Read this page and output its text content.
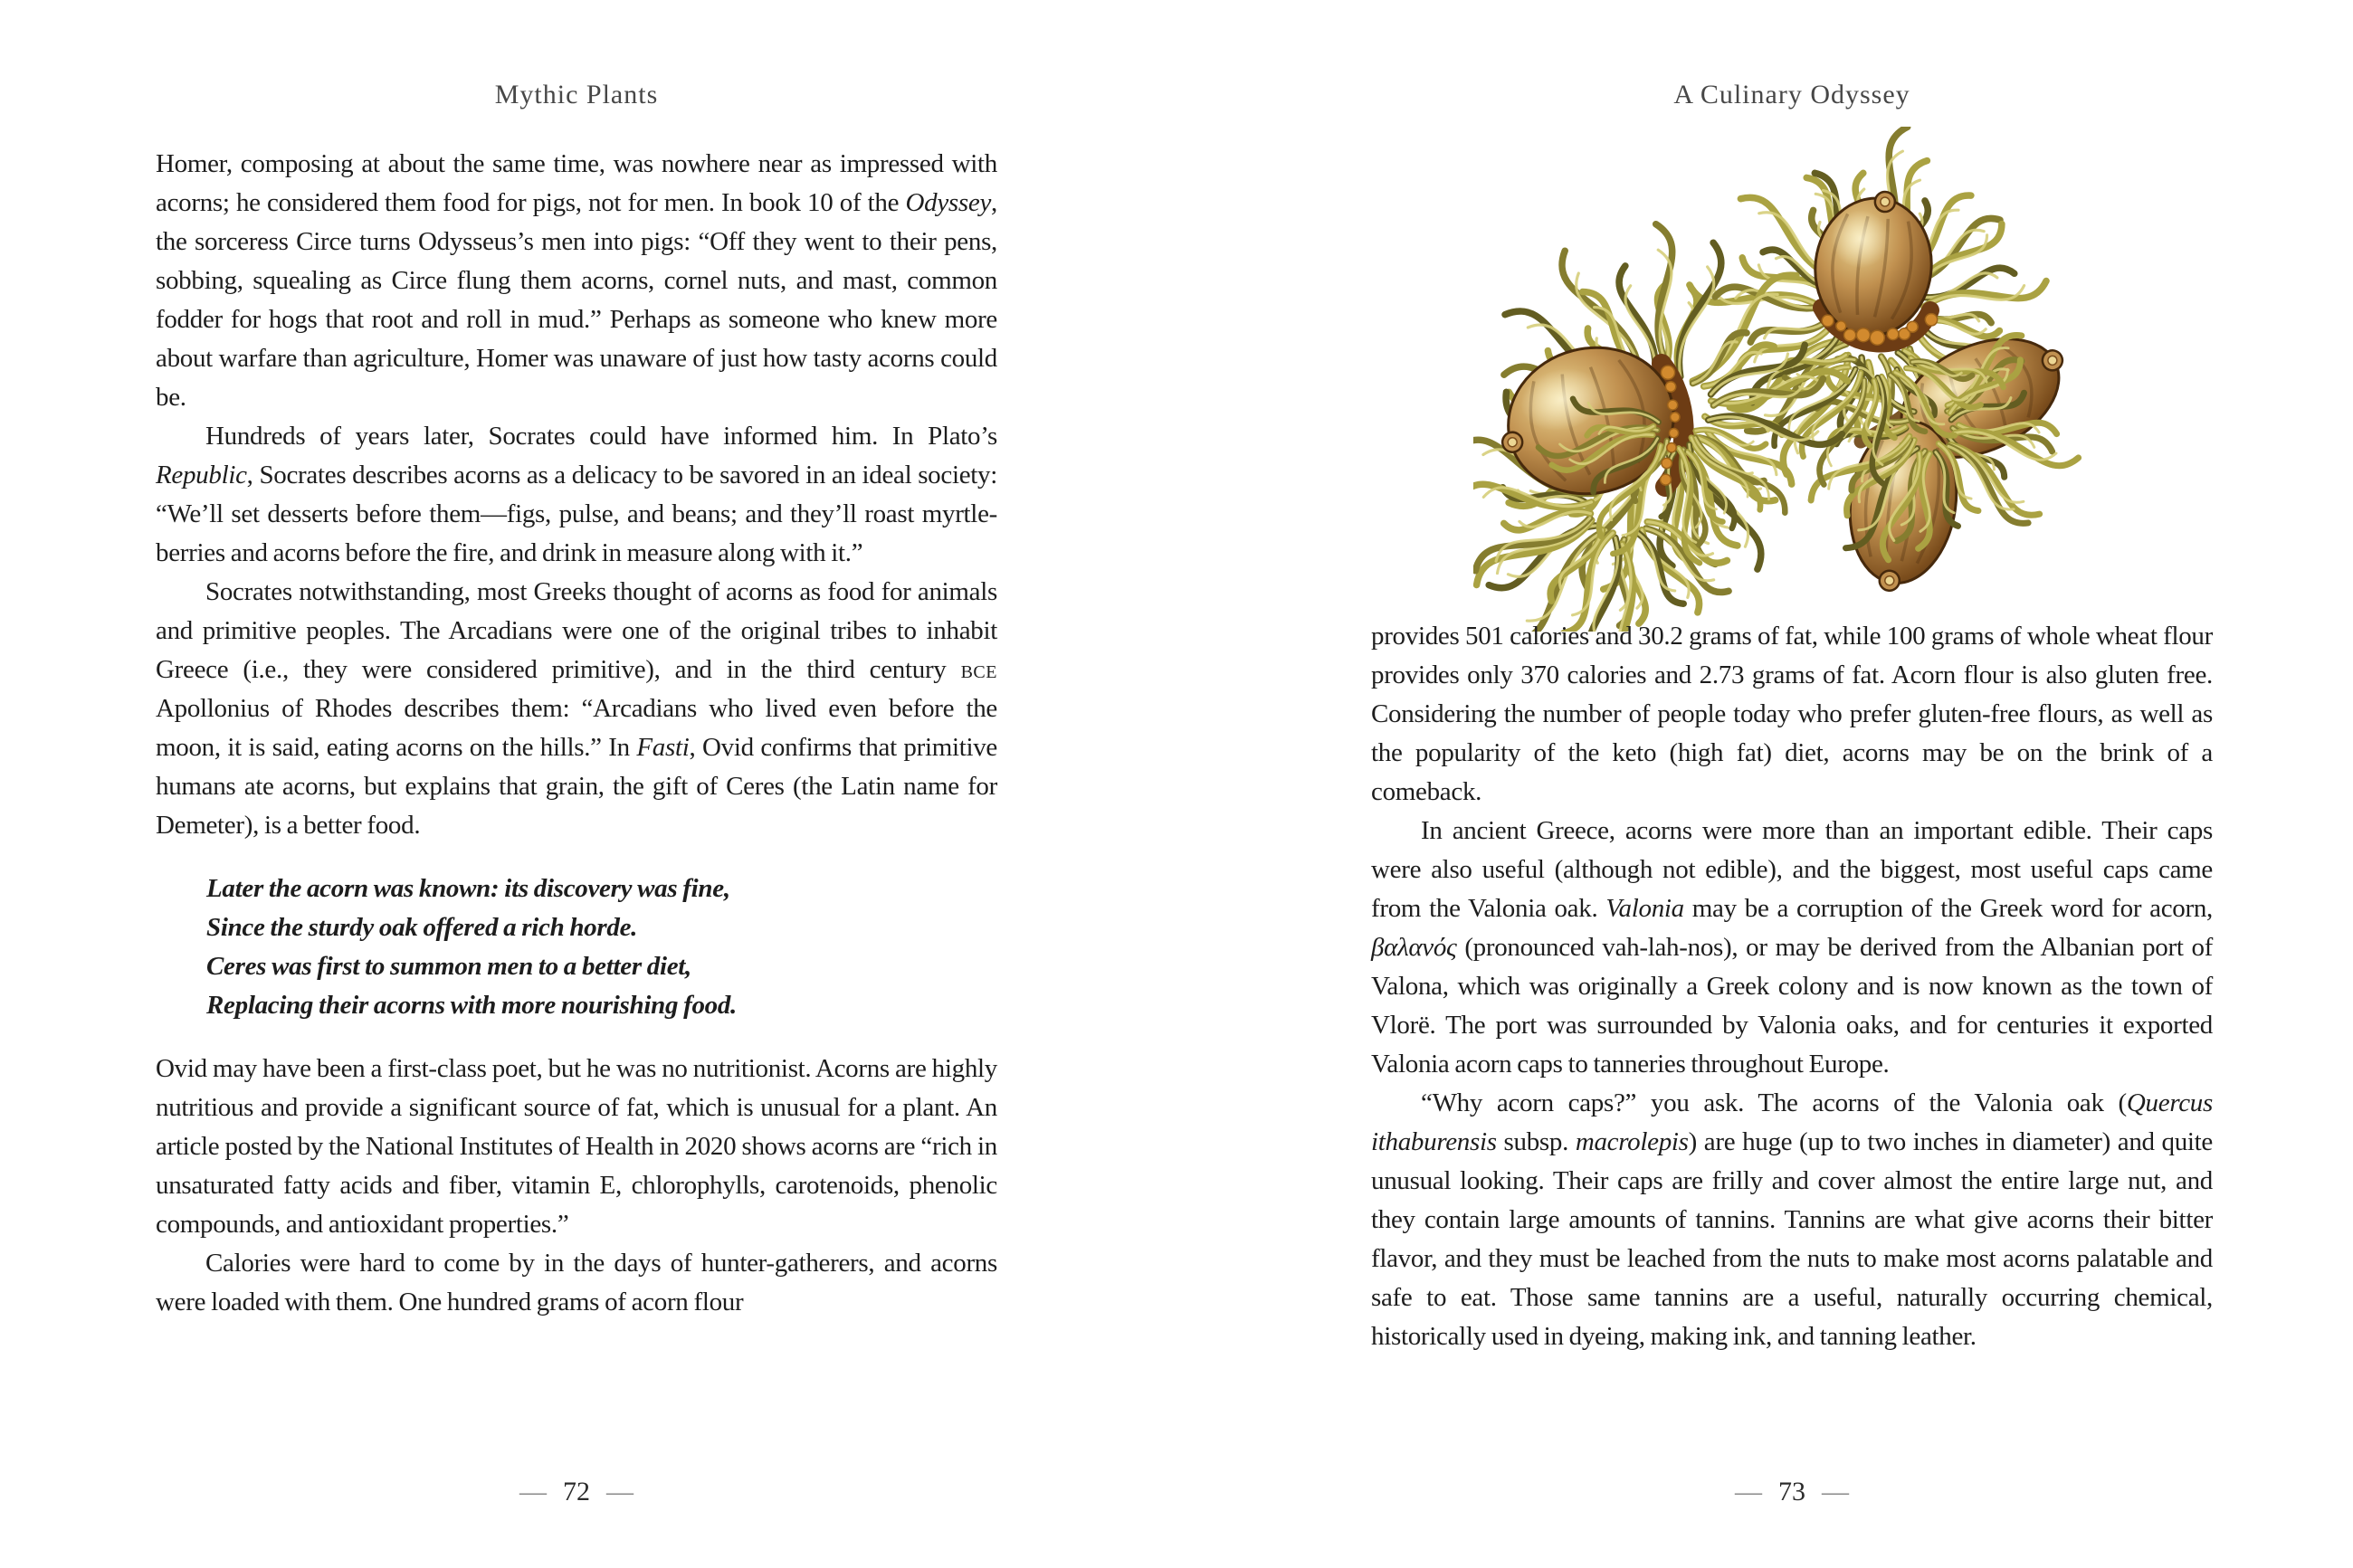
Mythic Plants	A Culinary Odyssey

Homer, composing at about the same time, was nowhere near as impressed with acorns; he considered them food for pigs, not for men. In book 10 of the Odyssey, the sorceress Circe turns Odysseus’s men into pigs: “Off they went to their pens, sobbing, squealing as Circe flung them acorns, cornel nuts, and mast, common fodder for hogs that root and roll in mud.” Perhaps as someone who knew more about warfare than agriculture, Homer was unaware of just how tasty acorns could be.

Hundreds of years later, Socrates could have informed him. In Plato’s Republic, Socrates describes acorns as a delicacy to be savored in an ideal society: “We’ll set desserts before them—figs, pulse, and beans; and they’ll roast myrtle-berries and acorns before the fire, and drink in measure along with it.”

Socrates notwithstanding, most Greeks thought of acorns as food for animals and primitive peoples. The Arcadians were one of the original tribes to inhabit Greece (i.e., they were considered primitive), and in the third century BCE Apollonius of Rhodes describes them: “Arcadians who lived even before the moon, it is said, eating acorns on the hills.” In Fasti, Ovid confirms that primitive humans ate acorns, but explains that grain, the gift of Ceres (the Latin name for Demeter), is a better food.

Later the acorn was known: its discovery was fine,
Since the sturdy oak offered a rich horde.
Ceres was first to summon men to a better diet,
Replacing their acorns with more nourishing food.

Ovid may have been a first-class poet, but he was no nutritionist. Acorns are highly nutritious and provide a significant source of fat, which is unusual for a plant. An article posted by the National Institutes of Health in 2020 shows acorns are “rich in unsaturated fatty acids and fiber, vitamin E, chlorophylls, carotenoids, phenolic compounds, and antioxidant properties.”

Calories were hard to come by in the days of hunter-gatherers, and acorns were loaded with them. One hundred grams of acorn flour

provides 501 calories and 30.2 grams of fat, while 100 grams of whole wheat flour provides only 370 calories and 2.73 grams of fat. Acorn flour is also gluten free. Considering the number of people today who prefer gluten-free flours, as well as the popularity of the keto (high fat) diet, acorns may be on the brink of a comeback.

In ancient Greece, acorns were more than an important edible. Their caps were also useful (although not edible), and the biggest, most useful caps came from the Valonia oak. Valonia may be a corruption of the Greek word for acorn, βαλανός (pronounced vah-lah-nos), or may be derived from the Albanian port of Valona, which was originally a Greek colony and is now known as the town of Vlorë. The port was surrounded by Valonia oaks, and for centuries it exported Valonia acorn caps to tanneries throughout Europe.

“Why acorn caps?” you ask. The acorns of the Valonia oak (Quercus ithaburensis subsp. macrolepis) are huge (up to two inches in diameter) and quite unusual looking. Their caps are frilly and cover almost the entire large nut, and they contain large amounts of tannins. Tannins are what give acorns their bitter flavor, and they must be leached from the nuts to make most acorns palatable and safe to eat. Those same tannins are a useful, naturally occurring chemical, historically used in dyeing, making ink, and tanning leather.

— 72 —	— 73 —
